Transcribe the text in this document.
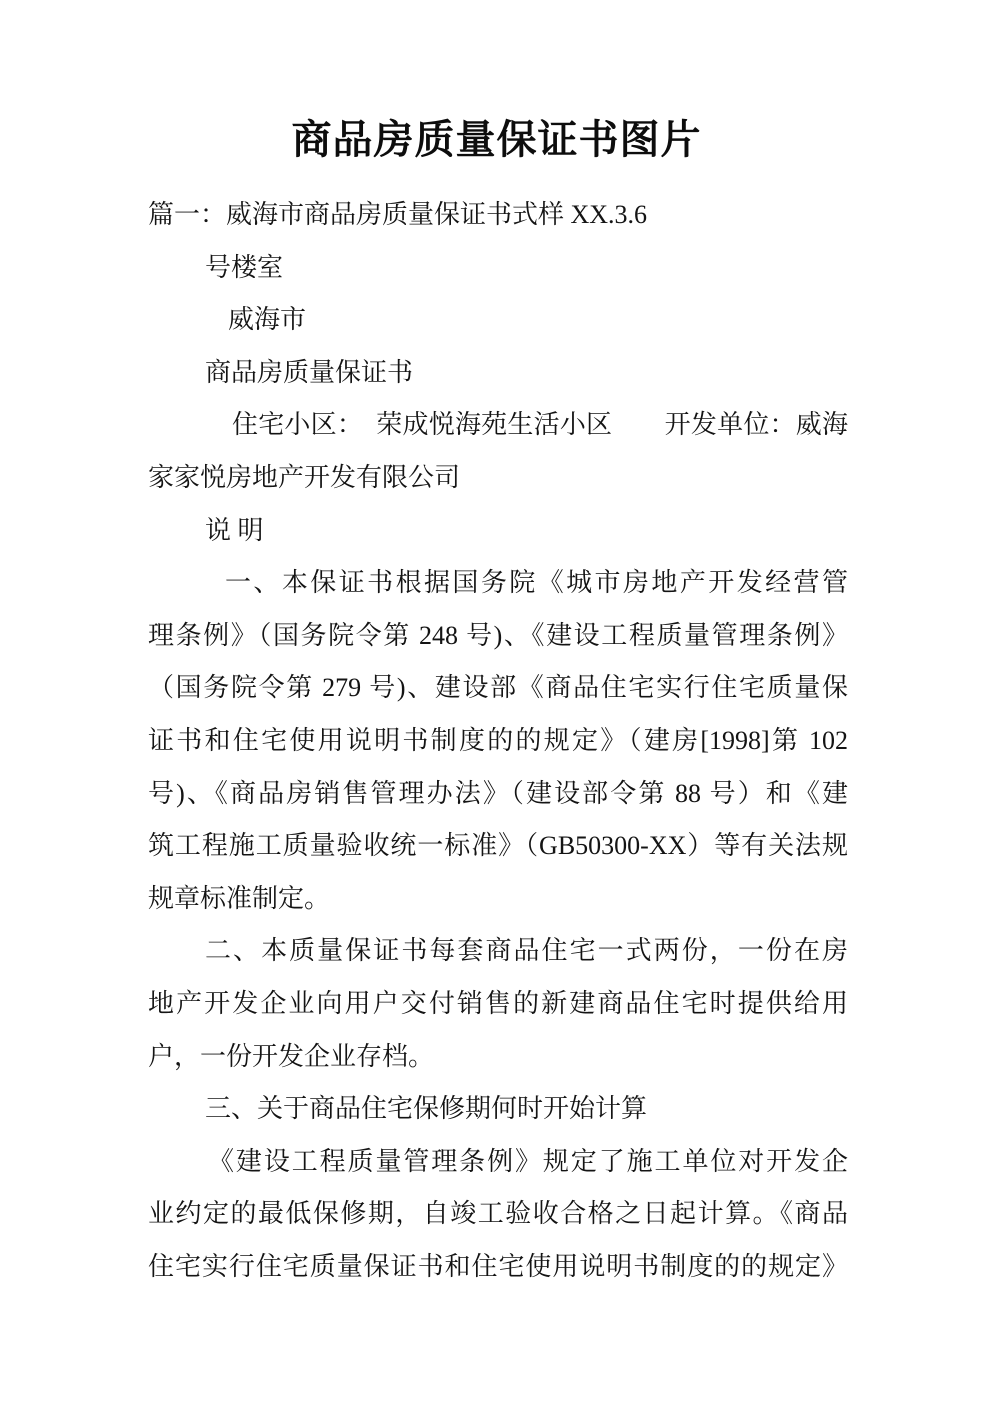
商品房质量保证书图片
篇一：威海市商品房质量保证书式样 XX.3.6
号楼室
威海市
商品房质量保证书
住宅小区：　荣成悦海苑生活小区　　开发单位：威海
家家悦房地产开发有限公司
说 明
一、本保证书根据国务院《城市房地产开发经营管
理条例》（国务院令第 248 号)、《建设工程质量管理条例》
（国务院令第 279 号)、建设部《商品住宅实行住宅质量保
证书和住宅使用说明书制度的的规定》（建房[1998]第 102
号)、《商品房销售管理办法》（建设部令第 88 号）和《建
筑工程施工质量验收统一标准》（GB50300-XX）等有关法规
规章标准制定。
二、本质量保证书每套商品住宅一式两份，一份在房
地产开发企业向用户交付销售的新建商品住宅时提供给用
户，一份开发企业存档。
三、关于商品住宅保修期何时开始计算
《建设工程质量管理条例》规定了施工单位对开发企
业约定的最低保修期，自竣工验收合格之日起计算。《商品
住宅实行住宅质量保证书和住宅使用说明书制度的的规定》
